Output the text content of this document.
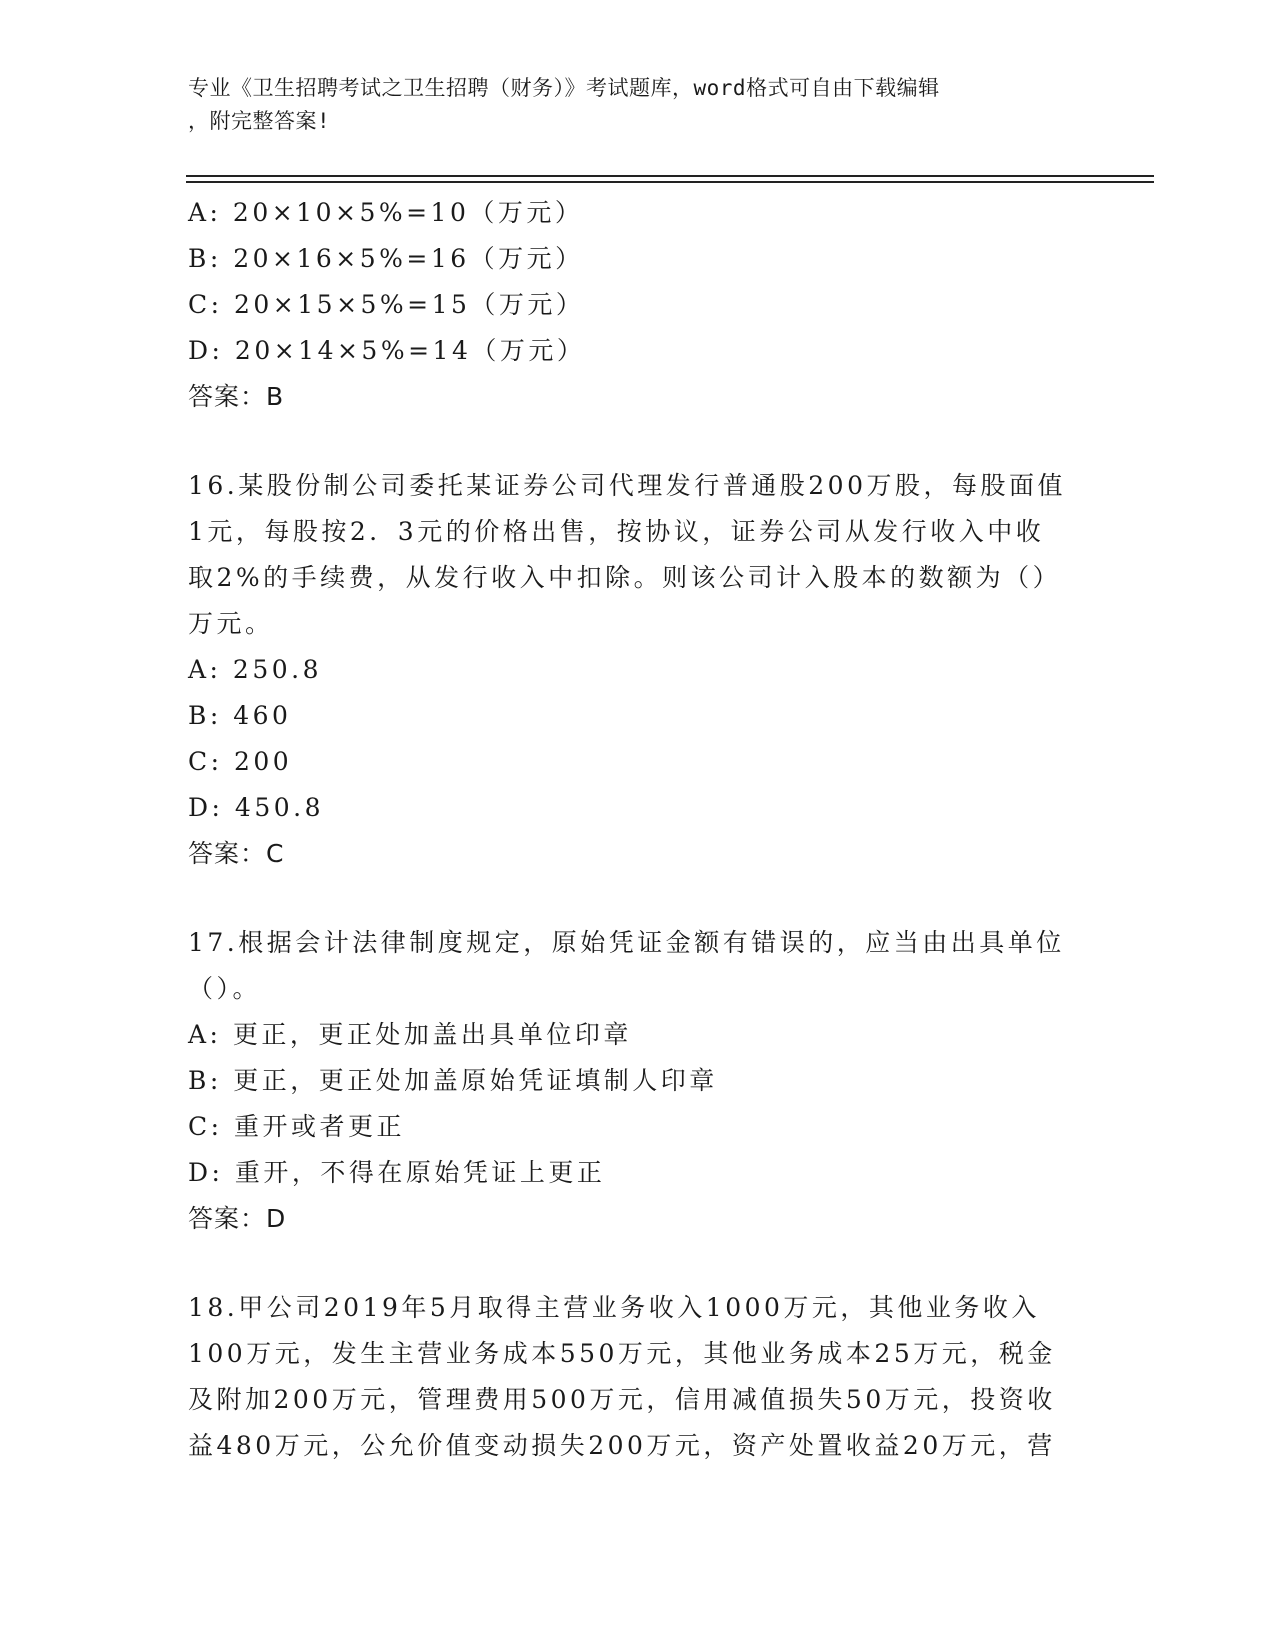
专业《卫生招聘考试之卫生招聘（财务）》考试题库，word格式可自由下载编辑
，附完整答案!
A: 20×10×5%=10（万元）
B: 20×16×5%=16（万元）
C: 20×15×5%=15（万元）
D: 20×14×5%=14（万元）
答案：B
16.某股份制公司委托某证券公司代理发行普通股200万股，每股面值
1元，每股按2．3元的价格出售，按协议，证券公司从发行收入中收
取2%的手续费，从发行收入中扣除。则该公司计入股本的数额为（）
万元。
A: 250.8
B: 460
C: 200
D: 450.8
答案：C
17.根据会计法律制度规定，原始凭证金额有错误的，应当由出具单位
（）。
A: 更正，更正处加盖出具单位印章
B: 更正，更正处加盖原始凭证填制人印章
C: 重开或者更正
D: 重开，不得在原始凭证上更正
答案：D
18.甲公司2019年5月取得主营业务收入1000万元，其他业务收入
100万元，发生主营业务成本550万元，其他业务成本25万元，税金
及附加200万元，管理费用500万元，信用减值损失50万元，投资收
益480万元，公允价值变动损失200万元，资产处置收益20万元，营
